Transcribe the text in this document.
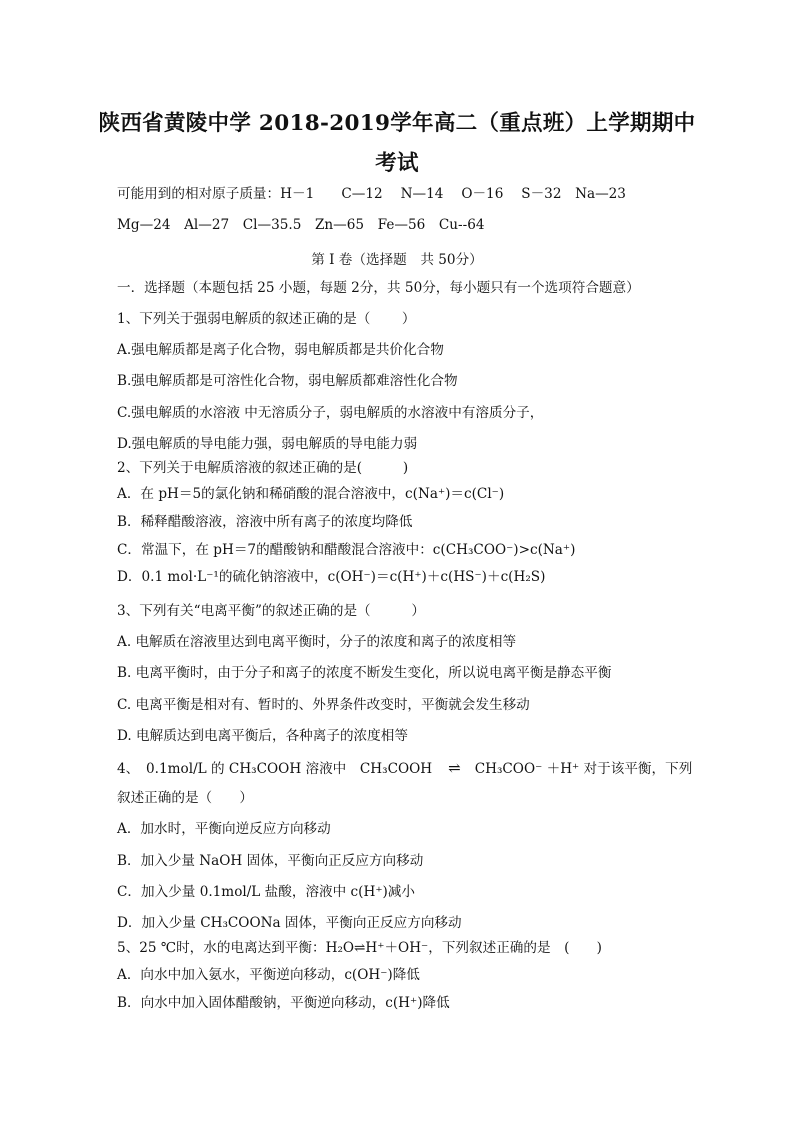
陕西省黄陵中学 2018-2019学年高二（重点班）上学期期中
考试
可能用到的相对原子质量：H－1　　C—12　 N—14　 O－16　 S－32　Na—23
Mg—24　Al—27　Cl—35.5　Zn—65　Fe—56　Cu--64
第 I 卷（选择题　共 50分）
一．选择题（本题包括 25 小题，每题 2分，共 50分，每小题只有一个选项符合题意）
1、下列关于强弱电解质的叙述正确的是（　　 ）
A.强电解质都是离子化合物，弱电解质都是共价化合物
B.强电解质都是可溶性化合物，弱电解质都难溶性化合物
C.强电解质的水溶液 中无溶质分子，弱电解质的水溶液中有溶质分子，
D.强电解质的导电能力强，弱电解质的导电能力弱
2、下列关于电解质溶液的叙述正确的是(　　　)
A．在 pH＝5的氯化钠和稀硝酸的混合溶液中，c(Na⁺)＝c(Cl⁻)
B．稀释醋酸溶液，溶液中所有离子的浓度均降低
C．常温下，在 pH＝7的醋酸钠和醋酸混合溶液中：c(CH₃COO⁻)>c(Na⁺)
D．0.1 mol·L⁻¹的硫化钠溶液中，c(OH⁻)＝c(H⁺)＋c(HS⁻)＋c(H₂S)
3、下列有关“电离平衡”的叙述正确的是（　　　）
A. 电解质在溶液里达到电离平衡时，分子的浓度和离子的浓度相等
B. 电离平衡时，由于分子和离子的浓度不断发生变化，所以说电离平衡是静态平衡
C. 电离平衡是相对有、暂时的、外界条件改变时，平衡就会发生移动
D. 电解质达到电离平衡后，各种离子的浓度相等
4、　0.1mol/L 的 CH₃COOH 溶液中　CH₃COOH ⇌ CH₃COO⁻ ＋H⁺ 对于该平衡，下列
叙述正确的是（　　）
A．加水时，平衡向逆反应方向移动
B．加入少量 NaOH 固体，平衡向正反应方向移动
C．加入少量 0.1mol/L 盐酸，溶液中 c(H⁺)减小
D．加入少量 CH₃COONa 固体，平衡向正反应方向移动
5、25 ℃时，水的电离达到平衡：H₂O⇌H⁺＋OH⁻，下列叙述正确的是　(　　)
A．向水中加入氨水，平衡逆向移动，c(OH⁻)降低
B．向水中加入固体醋酸钠，平衡逆向移动，c(H⁺)降低
